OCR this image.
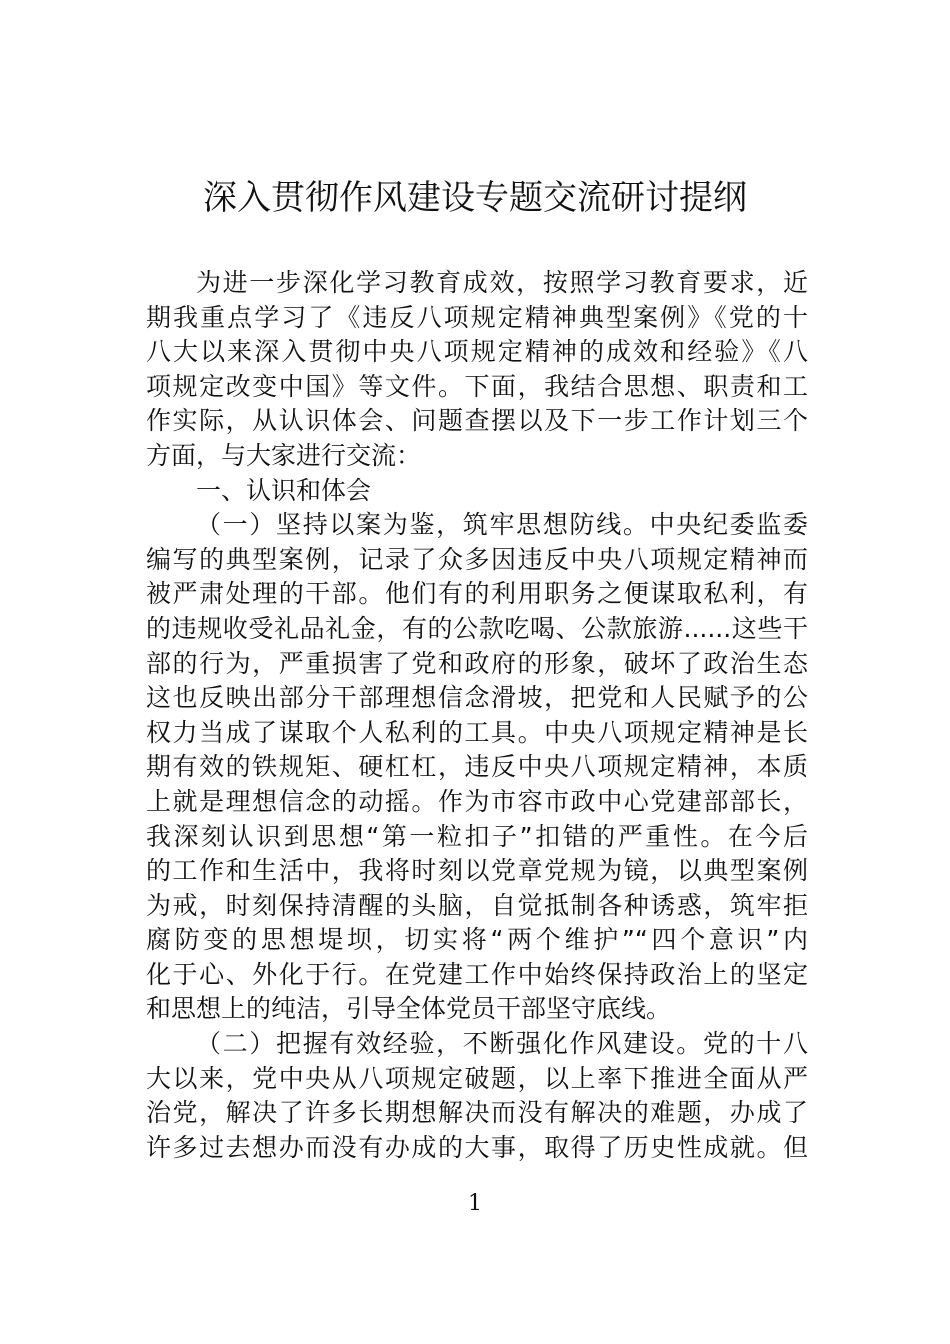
深入贯彻作风建设专题交流研讨提纲
为进一步深化学习教育成效，按照学习教育要求，近
期我重点学习了《违反八项规定精神典型案例》《党的十
八大以来深入贯彻中央八项规定精神的成效和经验》《八
项规定改变中国》等文件。下面，我结合思想、职责和工
作实际，从认识体会、问题查摆以及下一步工作计划三个
方面，与大家进行交流：
一、认识和体会
（一）坚持以案为鉴，筑牢思想防线。中央纪委监委
编写的典型案例，记录了众多因违反中央八项规定精神而
被严肃处理的干部。他们有的利用职务之便谋取私利，有
的违规收受礼品礼金，有的公款吃喝、公款旅游......这些干
部的行为，严重损害了党和政府的形象，破坏了政治生态
这也反映出部分干部理想信念滑坡，把党和人民赋予的公
权力当成了谋取个人私利的工具。中央八项规定精神是长
期有效的铁规矩、硬杠杠，违反中央八项规定精神，本质
上就是理想信念的动摇。作为市容市政中心党建部部长，
我深刻认识到思想“第一粒扣子”扣错的严重性。在今后
的工作和生活中，我将时刻以党章党规为镜，以典型案例
为戒，时刻保持清醒的头脑，自觉抵制各种诱惑，筑牢拒
腐防变的思想堤坝，切实将“两个维护”“四个意识”内
化于心、外化于行。在党建工作中始终保持政治上的坚定
和思想上的纯洁，引导全体党员干部坚守底线。
（二）把握有效经验，不断强化作风建设。党的十八
大以来，党中央从八项规定破题，以上率下推进全面从严
治党，解决了许多长期想解决而没有解决的难题，办成了
许多过去想办而没有办成的大事，取得了历史性成就。但
1
